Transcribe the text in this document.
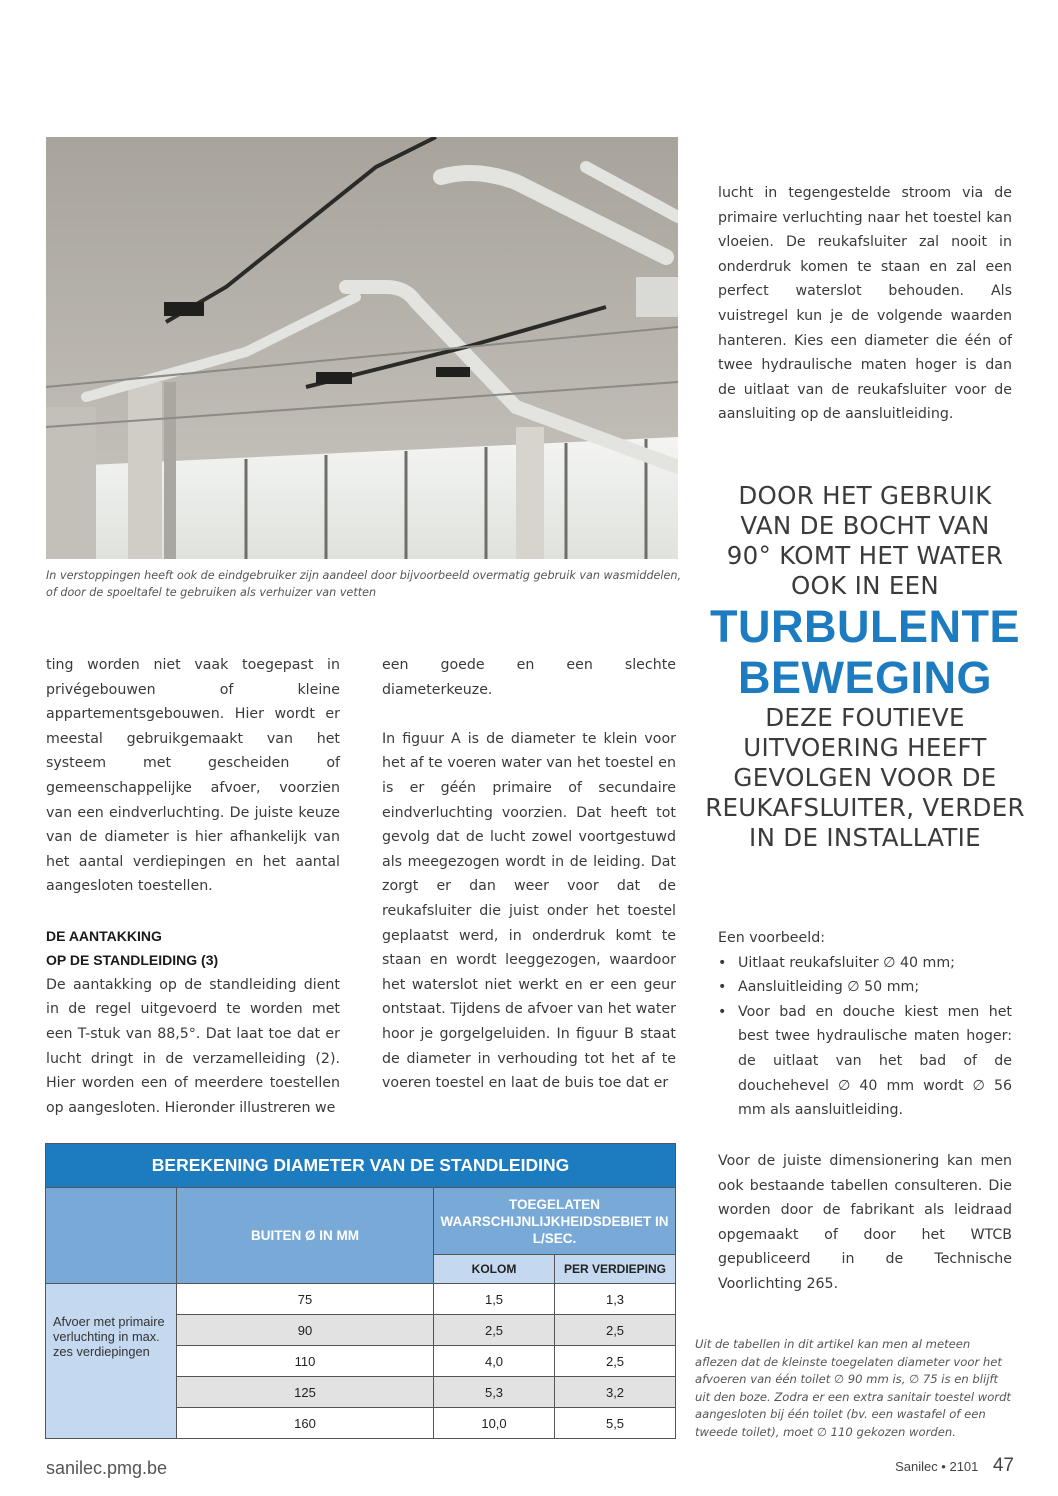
In verstoppingen heeft ook de eindgebruiker zijn aandeel door bijvoorbeeld overmatig gebruik van wasmiddelen,
of door de spoeltafel te gebruiken als verhuizer van vetten

ting worden niet vaak toegepast in privégebouwen of kleine appartementsgebouwen. Hier wordt er meestal gebruikgemaakt van het systeem met gescheiden of gemeenschappelijke afvoer, voorzien van een eindverluchting. De juiste keuze van de diameter is hier afhankelijk van het aantal verdiepingen en het aantal aangesloten toestellen.

DE AANTAKKING
OP DE STANDLEIDING (3)

De aantakking op de standleiding dient in de regel uitgevoerd te worden met een T-stuk van 88,5°. Dat laat toe dat er lucht dringt in de verzamelleiding (2). Hier worden een of meerdere toestellen op aangesloten. Hieronder illustreren we

een goede en een slechte diameterkeuze.

In figuur A is de diameter te klein voor het af te voeren water van het toestel en is er géén primaire of secundaire eindverluchting voorzien. Dat heeft tot gevolg dat de lucht zowel voortgestuwd als meegezogen wordt in de leiding. Dat zorgt er dan weer voor dat de reukafsluiter die juist onder het toestel geplaatst werd, in onderdruk komt te staan en wordt leeggezogen, waardoor het waterslot niet werkt en er een geur ontstaat. Tijdens de afvoer van het water hoor je gorgelgeluiden. In figuur B staat de diameter in verhouding tot het af te voeren toestel en laat de buis toe dat er

lucht in tegengestelde stroom via de primaire verluchting naar het toestel kan vloeien. De reukafsluiter zal nooit in onderdruk komen te staan en zal een perfect waterslot behouden. Als vuistregel kun je de volgende waarden hanteren. Kies een diameter die één of twee hydraulische maten hoger is dan de uitlaat van de reukafsluiter voor de aansluiting op de aansluitleiding.

DOOR HET GEBRUIK
VAN DE BOCHT VAN
90° KOMT HET WATER
OOK IN EEN
TURBULENTE
BEWEGING
DEZE FOUTIEVE
UITVOERING HEEFT
GEVOLGEN VOOR DE
REUKAFSLUITER, VERDER
IN DE INSTALLATIE

Een voorbeeld:

• Uitlaat reukafsluiter ∅ 40 mm;
• Aansluitleiding ∅ 50 mm;
• Voor bad en douche kiest men het best twee hydraulische maten hoger: de uitlaat van het bad of de douchehevel ∅ 40 mm wordt ∅ 56 mm als aansluitleiding.

Voor de juiste dimensionering kan men ook bestaande tabellen consulteren. Die worden door de fabrikant als leidraad opgemaakt of door het WTCB gepubliceerd in de Technische Voorlichting 265.

Uit de tabellen in dit artikel kan men al meteen aflezen dat de kleinste toegelaten diameter voor het afvoeren van één toilet ∅ 90 mm is, ∅ 75 is en blijft uit den boze. Zodra er een extra sanitair toestel wordt aangesloten bij één toilet (bv. een wastafel of een tweede toilet), moet ∅ 110 gekozen worden.
BEREKENING DIAMETER VAN DE STANDLEIDING			
	BUITEN Ø IN MM	TOEGELATEN WAARSCHIJNLIJKHEIDSDEBIET IN L/SEC.	
		KOLOM	PER VERDIEPING
Afvoer met primaire verluchting in max. zes verdiepingen	75	1,5	1,3
	90	2,5	2,5
	110	4,0	2,5
	125	5,3	3,2
	160	10,0	5,5
sanilec.pmg.be	Sanilec • 2101 47
